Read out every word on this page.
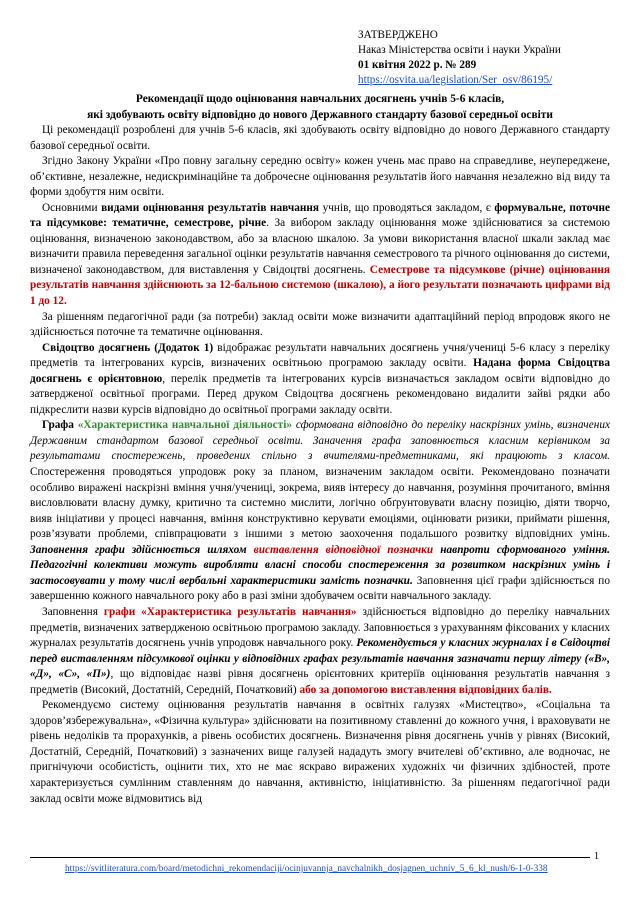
ЗАТВЕРДЖЕНО
Наказ Міністерства освіти і науки України
01 квітня 2022 р. № 289
https://osvita.ua/legislation/Ser_osv/86195/
Рекомендації щодо оцінювання навчальних досягнень учнів 5-6 класів,
які здобувають освіту відповідно до нового Державного стандарту базової середньої освіти

Ці рекомендації розроблені для учнів 5-6 класів, які здобувають освіту відповідно до нового Державного стандарту базової середньої освіти.

Згідно Закону України «Про повну загальну середню освіту» кожен учень має право на справедливе, неупереджене, об’єктивне, незалежне, недискримінаційне та доброчесне оцінювання результатів його навчання незалежно від виду та форми здобуття ним освіти.

Основними видами оцінювання результатів навчання учнів, що проводяться закладом, є формувальне, поточне та підсумкове: тематичне, семестрове, річне. За вибором закладу оцінювання може здійснюватися за системою оцінювання, визначеною законодавством, або за власною шкалою. За умови використання власної шкали заклад має визначити правила переведення загальної оцінки результатів навчання семестрового та річного оцінювання до системи, визначеної законодавством, для виставлення у Свідоцтві досягнень. Семестрове та підсумкове (річне) оцінювання результатів навчання здійснюють за 12-бальною системою (шкалою), а його результати позначають цифрами від 1 до 12.

За рішенням педагогічної ради (за потреби) заклад освіти може визначити адаптаційний період впродовж якого не здійснюється поточне та тематичне оцінювання.

Свідоцтво досягнень (Додаток 1) відображає результати навчальних досягнень учня/учениці 5-6 класу з переліку предметів та інтегрованих курсів, визначених освітньою програмою закладу освіти. Надана форма Свідоцтва досягнень є орієнтовною, перелік предметів та інтегрованих курсів визначається закладом освіти відповідно до затвердженої освітньої програми. Перед друком Свідоцтва досягнень рекомендовано видалити зайві рядки або підкреслити назви курсів відповідно до освітньої програми закладу освіти.

Графа «Характеристика навчальної діяльності» сформована відповідно до переліку наскрізних умінь, визначених Державним стандартом базової середньої освіти. Заначення графа заповнюється класним керівником за результатами спостережень, проведених спільно з вчителями-предметниками, які працюють з класом. Спостереження проводяться упродовж року за планом, визначеним закладом освіти. Рекомендовано позначати особливо виражені наскрізні вміння учня/учениці, зокрема, вияв інтересу до навчання, розуміння прочитаного, вміння висловлювати власну думку, критично та системно мислити, логічно обґрунтовувати власну позицію, діяти творчо, вияв ініціативи у процесі навчання, вміння конструктивно керувати емоціями, оцінювати ризики, приймати рішення, розв’язувати проблеми, співпрацювати з іншими з метою заохочення подальшого розвитку відповідних умінь. Заповнення графи здійснюється шляхом виставлення відповідної позначки навпроти сформованого уміння. Педагогічні колективи можуть виробляти власні способи спостереження за розвитком наскрізних умінь і застосовувати у тому числі вербальні характеристики замість позначки. Заповнення цієї графи здійснюється по завершенню кожного навчального року або в разі зміни здобувачем освіти навчального закладу.

Заповнення графи «Характеристика результатів навчання» здійснюється відповідно до переліку навчальних предметів, визначених затвердженою освітньою програмою закладу. Заповнюється з урахуванням фіксованих у класних журналах результатів досягнень учнів упродовж навчального року. Рекомендується у класних журналах і в Свідоцтві перед виставленням підсумкової оцінки у відповідних графах результатів навчання зазначати першу літеру («В», «Д», «С», «П»), що відповідає назві рівня досягнень орієнтовних критеріїв оцінювання результатів навчання з предметів (Високий, Достатній, Середній, Початковий) або за допомогою виставлення відповідних балів.

Рекомендуємо систему оцінювання результатів навчання в освітніх галузях «Мистецтво», «Соціальна та здоров’язбережувальна», «Фізична культура» здійснювати на позитивному ставленні до кожного учня, і враховувати не рівень недоліків та прорахунків, а рівень особистих досягнень. Визначення рівня досягнень учнів у рівнях (Високий, Достатній, Середній, Початковий) з зазначених вище галузей нададуть змогу вчителеві об’єктивно, але водночас, не пригнічуючи особистість, оцінити тих, хто не має яскраво виражених художніх чи фізичних здібностей, проте характеризується сумлінним ставленням до навчання, активністю, ініціативністю. За рішенням педагогічної ради заклад освіти може відмовитись від

1
https://svitliteratura.com/board/metodichni_rekomendaciji/ocinjuvannja_navchalnikh_dosjagnen_uchniv_5_6_kl_nush/6-1-0-338
